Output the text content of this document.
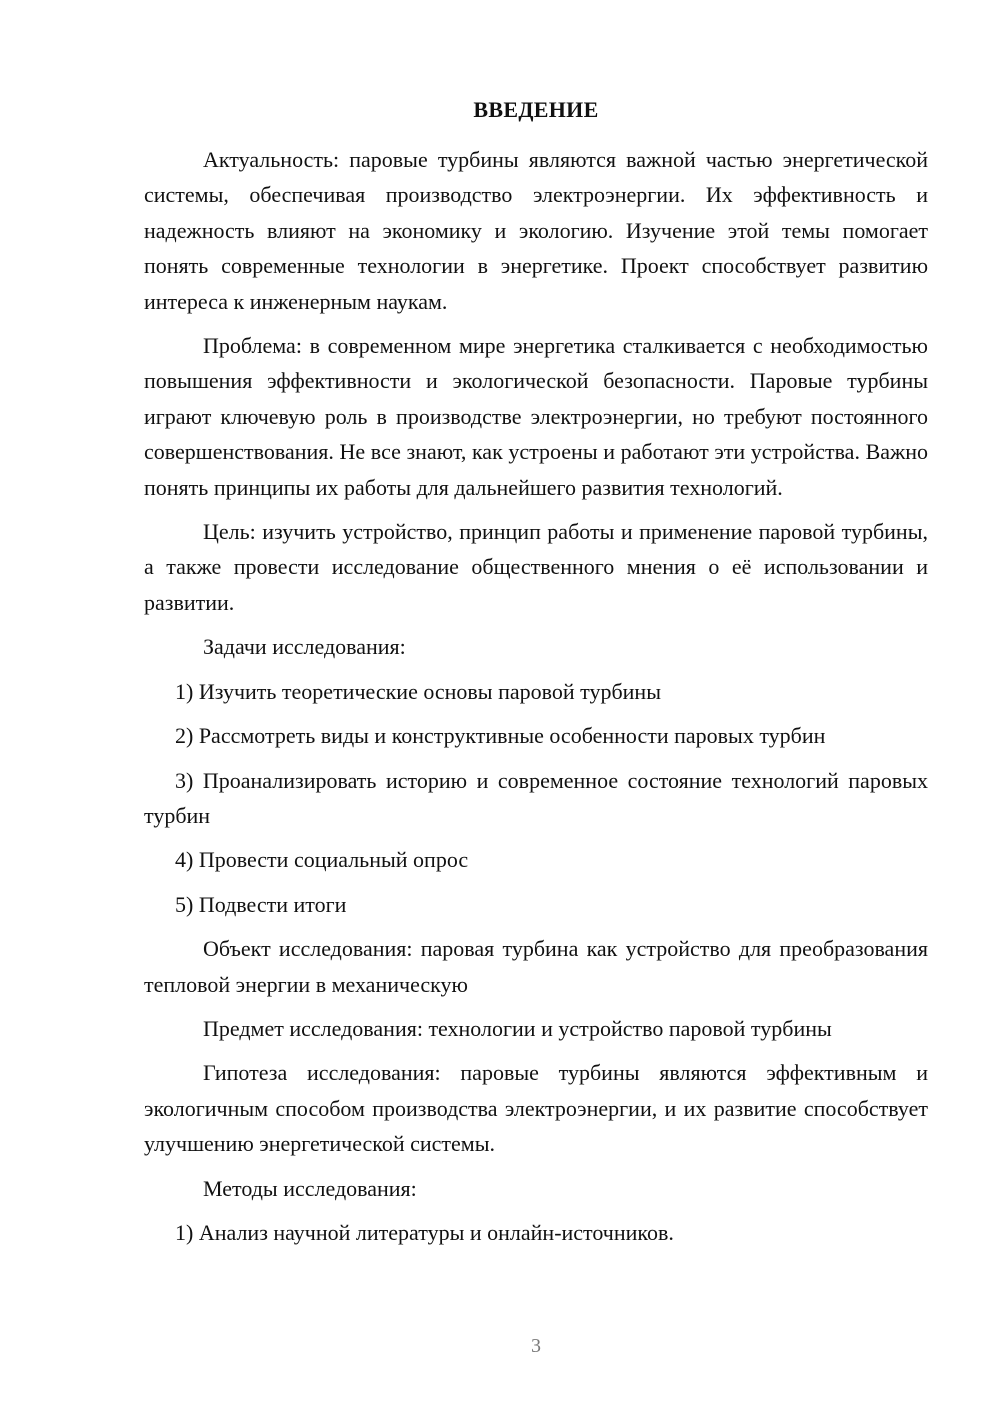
ВВЕДЕНИЕ

Актуальность: паровые турбины являются важной частью энергетической системы, обеспечивая производство электроэнергии. Их эффективность и надежность влияют на экономику и экологию. Изучение этой темы помогает понять современные технологии в энергетике. Проект способствует развитию интереса к инженерным наукам.

Проблема: в современном мире энергетика сталкивается с необходимостью повышения эффективности и экологической безопасности. Паровые турбины играют ключевую роль в производстве электроэнергии, но требуют постоянного совершенствования. Не все знают, как устроены и работают эти устройства. Важно понять принципы их работы для дальнейшего развития технологий.

Цель: изучить устройство, принцип работы и применение паровой турбины, а также провести исследование общественного мнения о её использовании и развитии.

Задачи исследования:

1) Изучить теоретические основы паровой турбины

2) Рассмотреть виды и конструктивные особенности паровых турбин

3) Проанализировать историю и современное состояние технологий паровых турбин

4) Провести социальный опрос

5) Подвести итоги

Объект исследования: паровая турбина как устройство для преобразования тепловой энергии в механическую

Предмет исследования: технологии и устройство паровой турбины

Гипотеза исследования: паровые турбины являются эффективным и экологичным способом производства электроэнергии, и их развитие способствует улучшению энергетической системы.

Методы исследования:

1) Анализ научной литературы и онлайн-источников.

3
